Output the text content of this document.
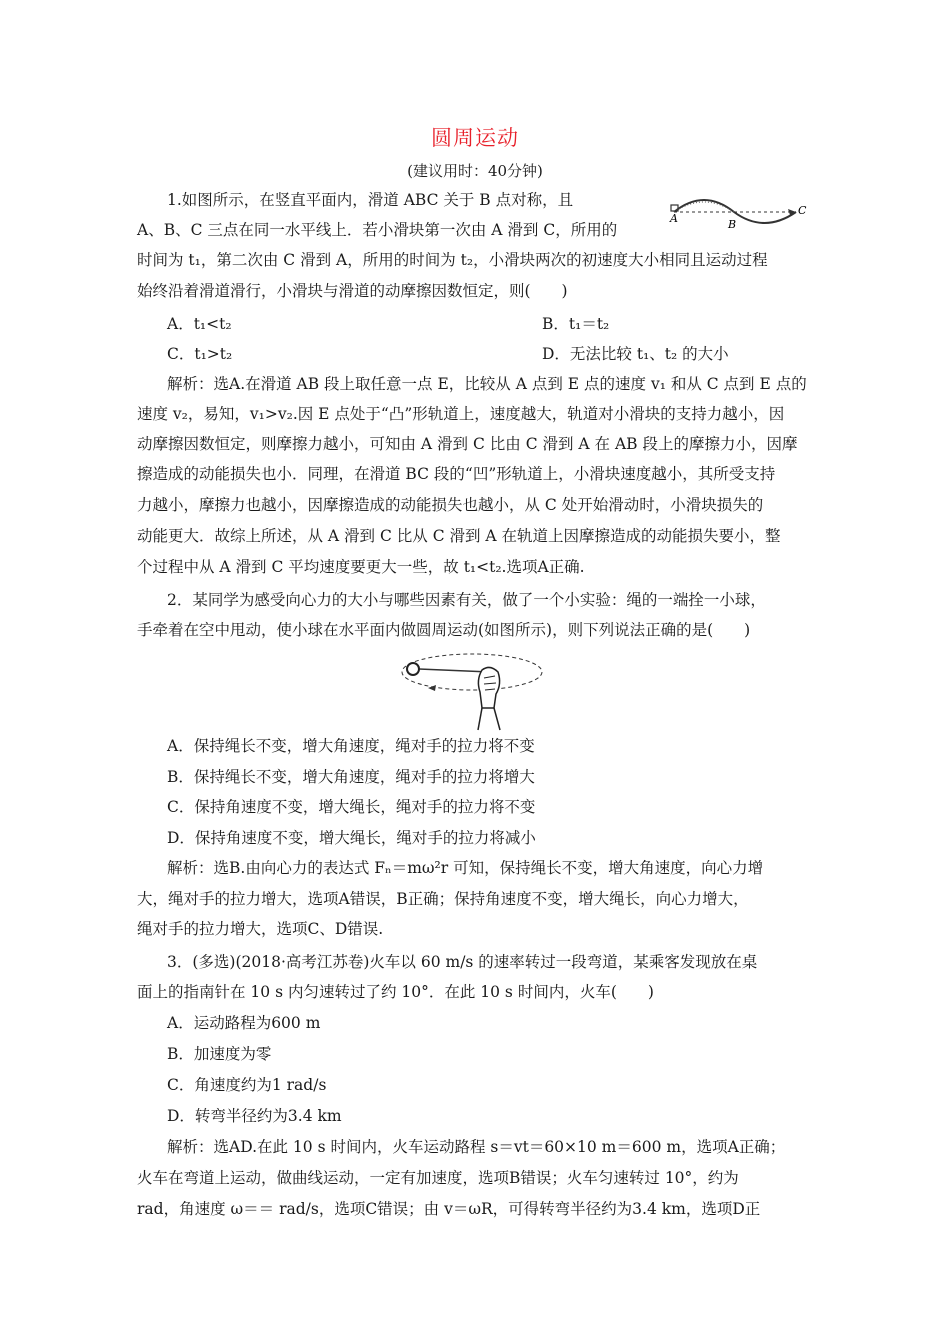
圆周运动
(建议用时：40分钟)
1.如图所示，在竖直平面内，滑道 ABC 关于 B 点对称，且
A、B、C 三点在同一水平线上．若小滑块第一次由 A 滑到 C，所用的
时间为 t₁，第二次由 C 滑到 A，所用的时间为 t₂，小滑块两次的初速度大小相同且运动过程
始终沿着滑道滑行，小滑块与滑道的动摩擦因数恒定，则(　　)
A	B
C
A．t₁<t₂	B．t₁＝t₂
C．t₁>t₂	D．无法比较 t₁、t₂ 的大小
解析：选A.在滑道 AB 段上取任意一点 E，比较从 A 点到 E 点的速度 v₁ 和从 C 点到 E 点的
速度 v₂，易知，v₁>v₂.因 E 点处于“凸”形轨道上，速度越大，轨道对小滑块的支持力越小，因
动摩擦因数恒定，则摩擦力越小，可知由 A 滑到 C 比由 C 滑到 A 在 AB 段上的摩擦力小，因摩
擦造成的动能损失也小．同理，在滑道 BC 段的“凹”形轨道上，小滑块速度越小，其所受支持
力越小，摩擦力也越小，因摩擦造成的动能损失也越小，从 C 处开始滑动时，小滑块损失的
动能更大．故综上所述，从 A 滑到 C 比从 C 滑到 A 在轨道上因摩擦造成的动能损失要小，整
个过程中从 A 滑到 C 平均速度要更大一些，故 t₁<t₂.选项A正确.
2．某同学为感受向心力的大小与哪些因素有关，做了一个小实验：绳的一端拴一小球，
手牵着在空中甩动，使小球在水平面内做圆周运动(如图所示)，则下列说法正确的是(　　)
A．保持绳长不变，增大角速度，绳对手的拉力将不变
B．保持绳长不变，增大角速度，绳对手的拉力将增大
C．保持角速度不变，增大绳长，绳对手的拉力将不变
D．保持角速度不变，增大绳长，绳对手的拉力将减小
解析：选B.由向心力的表达式 Fₙ＝mω²r 可知，保持绳长不变，增大角速度，向心力增
大，绳对手的拉力增大，选项A错误，B正确；保持角速度不变，增大绳长，向心力增大，
绳对手的拉力增大，选项C、D错误.
3．(多选)(2018·高考江苏卷)火车以 60 m/s 的速率转过一段弯道，某乘客发现放在桌
面上的指南针在 10 s 内匀速转过了约 10°．在此 10 s 时间内，火车(　　)
A．运动路程为600 m
B．加速度为零
C．角速度约为1 rad/s
D．转弯半径约为3.4 km
解析：选AD.在此 10 s 时间内，火车运动路程 s＝vt＝60×10 m＝600 m，选项A正确；
火车在弯道上运动，做曲线运动，一定有加速度，选项B错误；火车匀速转过 10°，约为
rad，角速度 ω＝＝ rad/s，选项C错误；由 v＝ωR，可得转弯半径约为3.4 km，选项D正
